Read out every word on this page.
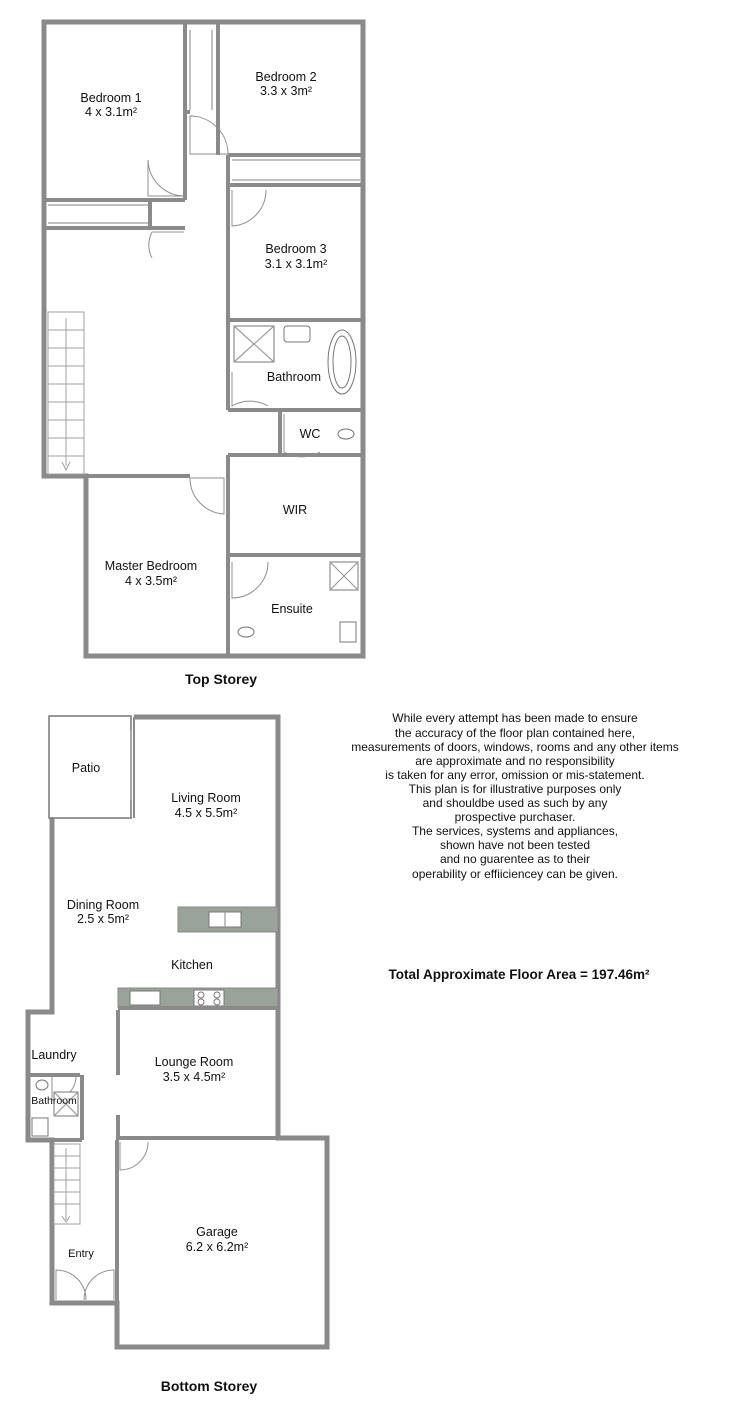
Top Storey
Bedroom 1
4 x 3.1m²
Bedroom 2
3.3 x 3m²
Bedroom 3
3.1 x 3.1m²
Bathroom
WC
WIR
Master Bedroom
4 x 3.5m²
Ensuite
Bottom Storey
Patio
Living Room
4.5 x 5.5m²
Dining Room
2.5 x 5m²
Kitchen
Laundry
Bathroom
Lounge Room
3.5 x 4.5m²
Entry
Garage
6.2 x 6.2m²
While every attempt has been made to ensure
the accuracy of the floor plan contained here,
measurements of doors, windows, rooms and any other items
are approximate and no responsibility
is taken for any error, omission or mis-statement.
This plan is for illustrative purposes only
and shouldbe used as such by any
prospective purchaser.
The services, systems and appliances,
shown have not been tested
and no guarentee as to their
operability or effiiciencey can be given.
Total Approximate Floor Area = 197.46m²
